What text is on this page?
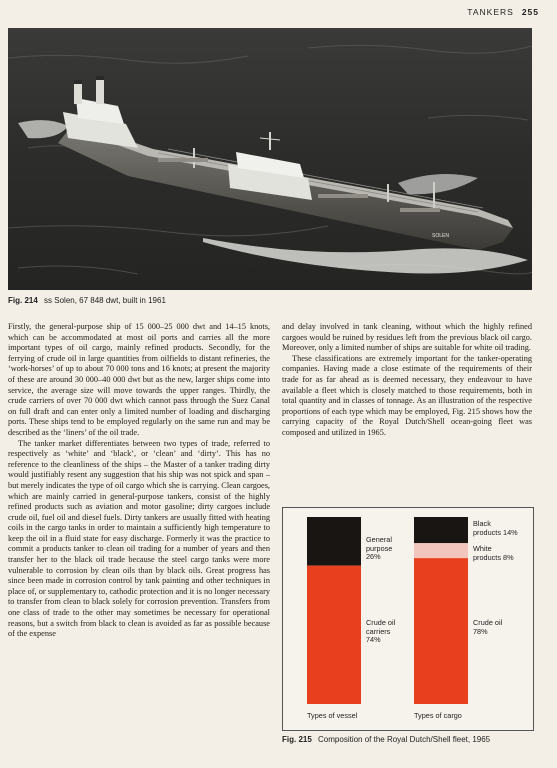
TANKERS 255
SOLEN
Fig. 214 ss Solen, 67 848 dwt, built in 1961

Firstly, the general-purpose ship of 15 000–25 000 dwt and 14–15 knots, which can be accommodated at most oil ports and carries all the more important types of oil cargo, mainly refined products. Secondly, for the ferrying of crude oil in large quantities from oilfields to distant refineries, the ‘work-horses’ of up to about 70 000 tons and 16 knots; at present the majority of these are around 30 000–40 000 dwt but as the new, larger ships come into service, the average size will move towards the upper ranges. Thirdly, the crude carriers of over 70 000 dwt which cannot pass through the Suez Canal on full draft and can enter only a limited number of loading and discharging ports. These ships tend to be employed regularly on the same run and may be described as the ‘liners’ of the oil trade.

The tanker market differentiates between two types of trade, referred to respectively as ‘white’ and ‘black’, or ‘clean’ and ‘dirty’. This has no reference to the cleanliness of the ships – the Master of a tanker trading dirty would justifiably resent any suggestion that his ship was not spick and span – but merely indicates the type of oil cargo which she is carrying. Clean cargoes, which are mainly carried in general-purpose tankers, consist of the highly refined products such as aviation and motor gasoline; dirty cargoes include crude oil, fuel oil and diesel fuels. Dirty tankers are usually fitted with heating coils in the cargo tanks in order to maintain a sufficiently high temperature to keep the oil in a fluid state for easy discharge. Formerly it was the practice to commit a products tanker to clean oil trading for a number of years and then transfer her to the black oil trade because the steel cargo tanks were more vulnerable to corrosion by clean oils than by black oils. Great progress has since been made in corrosion control by tank painting and other techniques in place of, or supplementary to, cathodic protection and it is no longer necessary to transfer from clean to black solely for corrosion prevention. Transfers from one class of trade to the other may sometimes be necessary for operational reasons, but a switch from black to clean is avoided as far as possible because of the expense

and delay involved in tank cleaning, without which the highly refined cargoes would be ruined by residues left from the previous black oil cargo. Moreover, only a limited number of ships are suitable for white oil trading.

These classifications are extremely important for the tanker-operating companies. Having made a close estimate of the requirements of their trade for as far ahead as is deemed necessary, they endeavour to have available a fleet which is closely matched to those requirements, both in total quantity and in classes of tonnage. As an illustration of the respective proportions of each type which may be employed, Fig. 215 shows how the carrying capacity of the Royal Dutch/Shell ocean-going fleet was composed and utilized in 1965.

General
purpose
26%
Crude oil
carriers
74%
Black
products 14%
White
products 8%
Crude oil
78%
Types of vessel	Types of cargo
Fig. 215 Composition of the Royal Dutch/Shell fleet, 1965
